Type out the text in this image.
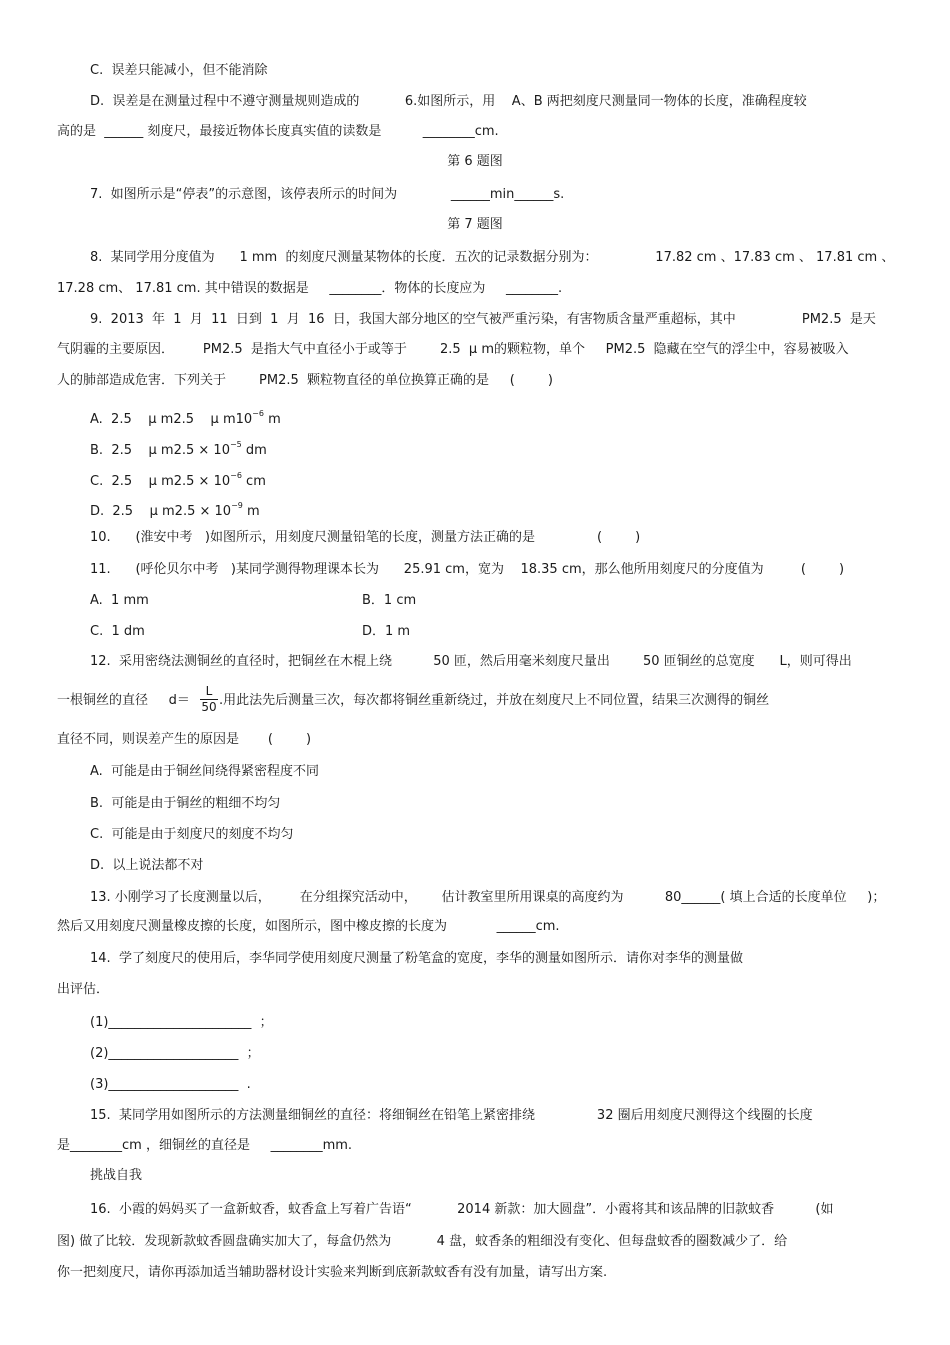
C.  误差只能减小，但不能消除
D.  误差是在测量过程中不遵守测量规则造成的           6.如图所示，用    A、B 两把刻度尺测量同一物体的长度，准确程度较
高的是  ______ 刻度尺，最接近物体长度真实值的读数是          ________cm.
第 6 题图
7.  如图所示是“停表”的示意图，该停表所示的时间为             ______min______s.
第 7 题图
8.  某同学用分度值为      1 mm  的刻度尺测量某物体的长度．五次的记录数据分别为：              17.82 cm 、17.83 cm 、 17.81 cm 、
17.28 cm、 17.81 cm. 其中错误的数据是     ________．物体的长度应为     ________.
9.  2013  年  1  月  11  日到  1  月  16  日，我国大部分地区的空气被严重污染，有害物质含量严重超标，其中                PM2.5  是天
气阴霾的主要原因．       PM2.5  是指大气中直径小于或等于        2.5  μ m的颗粒物，单个     PM2.5  隐藏在空气的浮尘中，容易被吸入
人的肺部造成危害．下列关于        PM2.5  颗粒物直径的单位换算正确的是     (        )
A.  2.5    μ m2.5    μ $m10^{-6}$ m
B.  2.5    μ $m2.5 \times 10^{-5}$ dm
C.  2.5    μ $m2.5 \times 10^{-6}$ cm
D.  2.5    μ $m2.5 \times 10^{-9}$ m
10.      (淮安中考   )如图所示，用刻度尺测量铅笔的长度，测量方法正确的是               (        )
11.      (呼伦贝尔中考   )某同学测得物理课本长为      25.91 cm，宽为    18.35 cm，那么他所用刻度尺的分度值为         (        )
A.  1 mm	B．1 cm
C.  1 dm	D．1 m
12.  采用密绕法测铜丝的直径时，把铜丝在木棍上绕          50 匝，然后用毫米刻度尺量出        50 匝铜丝的总宽度      L，则可得出
一根铜丝的直径     $d= \frac{L}{50}$ .用此法先后测量三次，每次都将铜丝重新绕过，并放在刻度尺上不同位置，结果三次测得的铜丝
直径不同，则误差产生的原因是       (        )
A.  可能是由于铜丝间绕得紧密程度不同
B.  可能是由于铜丝的粗细不均匀
C.  可能是由于刻度尺的刻度不均匀
D.  以上说法都不对
13. 小刚学习了长度测量以后，       在分组探究活动中，      估计教室里所用课桌的高度约为          80______( 填上合适的长度单位     )；
然后又用刻度尺测量橡皮擦的长度，如图所示，图中橡皮擦的长度为            ______cm.
14.  学了刻度尺的使用后，李华同学使用刻度尺测量了粉笔盒的宽度，李华的测量如图所示．请你对李华的测量做
出评估．
(1)______________________  ；
(2)____________________  ；
(3)____________________  .
15.  某同学用如图所示的方法测量细铜丝的直径：将细铜丝在铅笔上紧密排绕               32 圈后用刻度尺测得这个线圈的长度
是________cm ，细铜丝的直径是     ________mm.
挑战自我
16.  小霞的妈妈买了一盒新蚊香，蚊香盒上写着广告语“           2014 新款：加大圆盘”．小霞将其和该品牌的旧款蚊香          (如
图) 做了比较．发现新款蚊香圆盘确实加大了，每盒仍然为           4 盘，蚊香条的粗细没有变化、但每盘蚊香的圈数减少了．给
你一把刻度尺，请你再添加适当辅助器材设计实验来判断到底新款蚊香有没有加量，请写出方案.
